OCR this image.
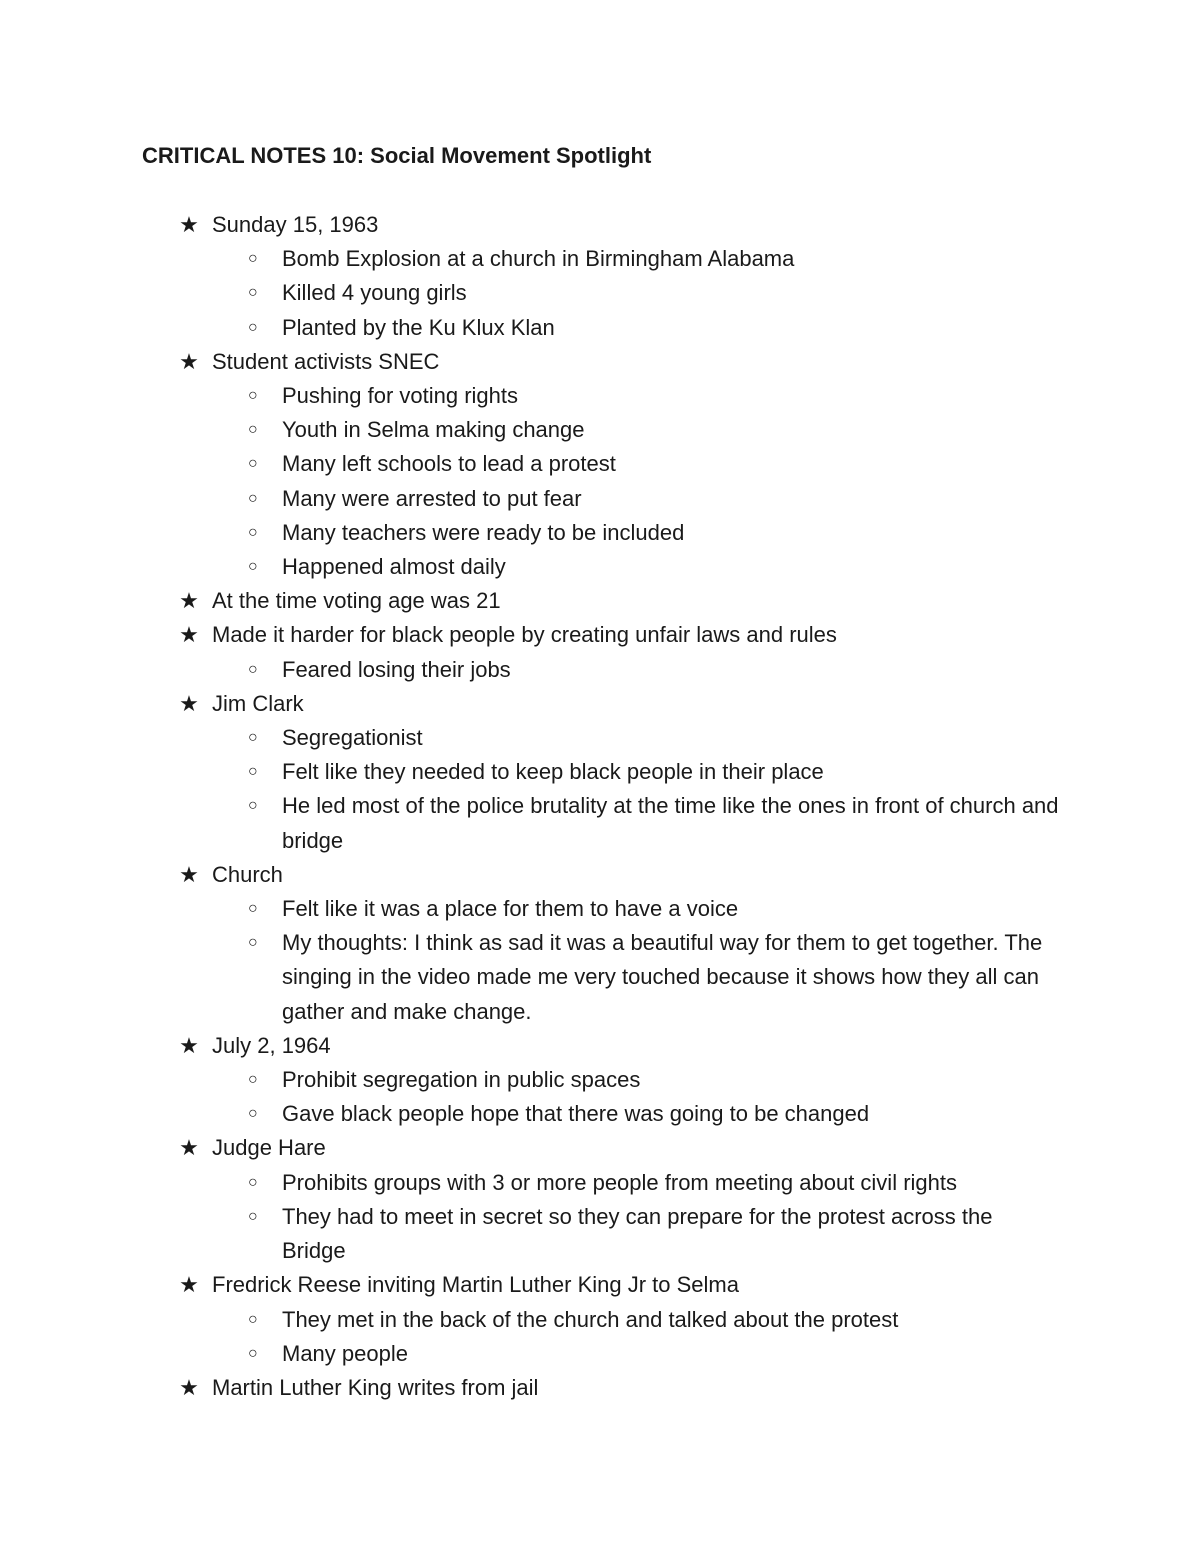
CRITICAL NOTES 10: Social Movement Spotlight
★ Sunday 15, 1963
○ Bomb Explosion at a church in Birmingham Alabama
○ Killed 4 young girls
○ Planted by the Ku Klux Klan
★ Student activists SNEC
○ Pushing for voting rights
○ Youth in Selma making change
○ Many left schools to lead a protest
○ Many were arrested to put fear
○ Many teachers were ready to be included
○ Happened almost daily
★ At the time voting age was 21
★ Made it harder for black people by creating unfair laws and rules
○ Feared losing their jobs
★ Jim Clark
○ Segregationist
○ Felt like they needed to keep black people in their place
○ He led most of the police brutality at the time like the ones in front of church and bridge
★ Church
○ Felt like it was a place for them to have a voice
○ My thoughts: I think as sad it was a beautiful way for them to get together. The singing in the video made me very touched because it shows how they all can gather and make change.
★ July 2, 1964
○ Prohibit segregation in public spaces
○ Gave black people hope that there was going to be changed
★ Judge Hare
○ Prohibits groups with 3 or more people from meeting about civil rights
○ They had to meet in secret so they can prepare for the protest across the Bridge
★ Fredrick Reese inviting Martin Luther King Jr to Selma
○ They met in the back of the church and talked about the protest
○ Many people
★ Martin Luther King writes from jail
